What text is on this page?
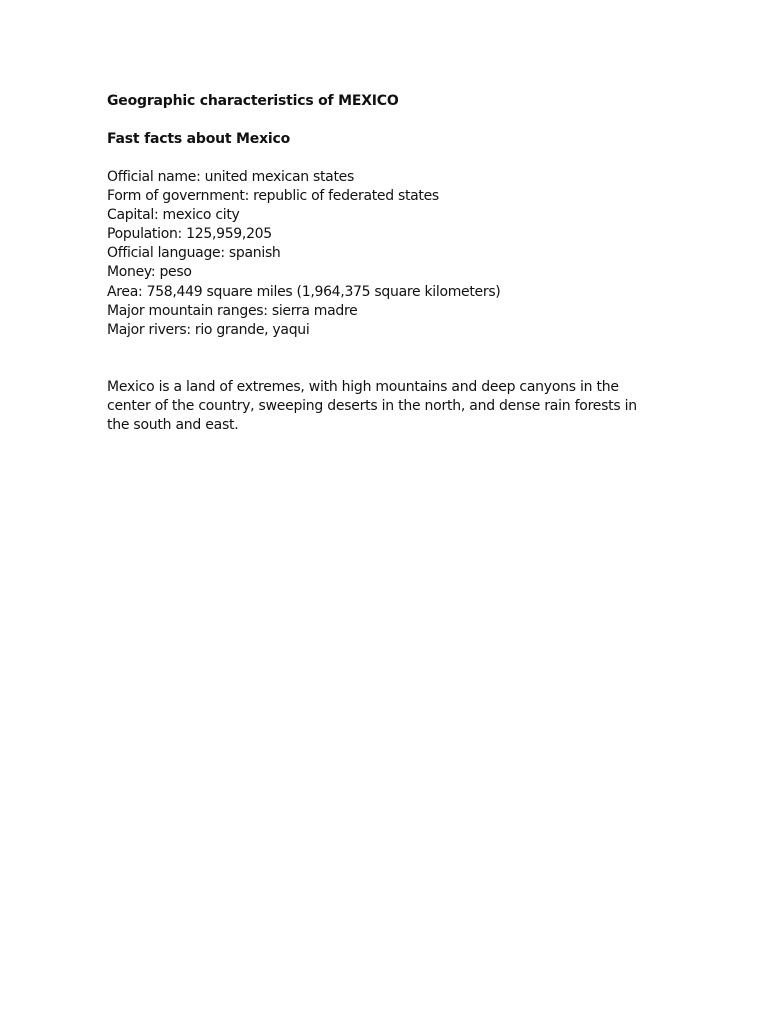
Geographic characteristics of MEXICO

Fast facts about Mexico

Official name: united mexican states
Form of government: republic of federated states
Capital: mexico city
Population: 125,959,205
Official language: spanish
Money: peso
Area: 758,449 square miles (1,964,375 square kilometers)
Major mountain ranges: sierra madre
Major rivers: rio grande, yaqui

Mexico is a land of extremes, with high mountains and deep canyons in the center of the country, sweeping deserts in the north, and dense rain forests in the south and east.
